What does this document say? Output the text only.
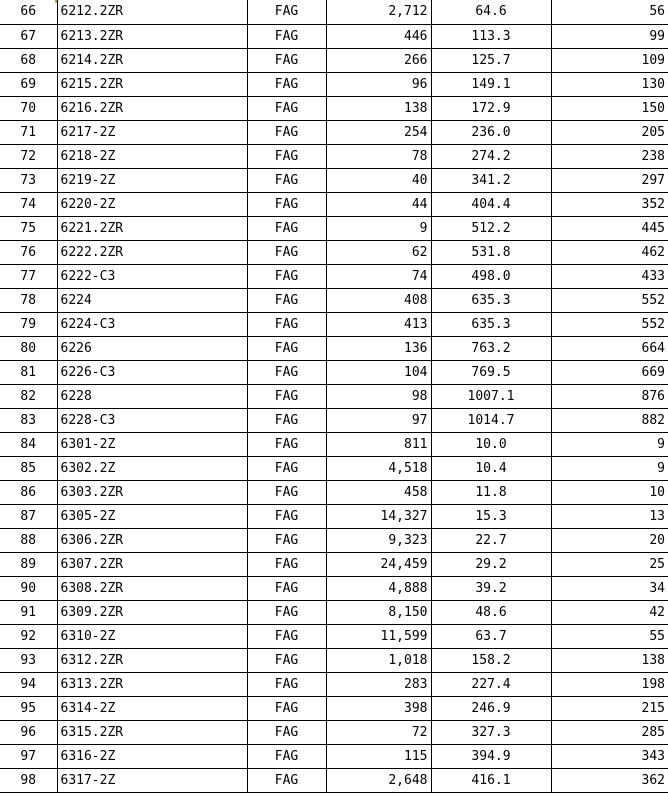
66	6212.2ZR	FAG	2,712	64.6	56
67	6213.2ZR	FAG	446	113.3	99
68	6214.2ZR	FAG	266	125.7	109
69	6215.2ZR	FAG	96	149.1	130
70	6216.2ZR	FAG	138	172.9	150
71	6217-2Z	FAG	254	236.0	205
72	6218-2Z	FAG	78	274.2	238
73	6219-2Z	FAG	40	341.2	297
74	6220-2Z	FAG	44	404.4	352
75	6221.2ZR	FAG	9	512.2	445
76	6222.2ZR	FAG	62	531.8	462
77	6222-C3	FAG	74	498.0	433
78	6224	FAG	408	635.3	552
79	6224-C3	FAG	413	635.3	552
80	6226	FAG	136	763.2	664
81	6226-C3	FAG	104	769.5	669
82	6228	FAG	98	1007.1	876
83	6228-C3	FAG	97	1014.7	882
84	6301-2Z	FAG	811	10.0	9
85	6302.2Z	FAG	4,518	10.4	9
86	6303.2ZR	FAG	458	11.8	10
87	6305-2Z	FAG	14,327	15.3	13
88	6306.2ZR	FAG	9,323	22.7	20
89	6307.2ZR	FAG	24,459	29.2	25
90	6308.2ZR	FAG	4,888	39.2	34
91	6309.2ZR	FAG	8,150	48.6	42
92	6310-2Z	FAG	11,599	63.7	55
93	6312.2ZR	FAG	1,018	158.2	138
94	6313.2ZR	FAG	283	227.4	198
95	6314-2Z	FAG	398	246.9	215
96	6315.2ZR	FAG	72	327.3	285
97	6316-2Z	FAG	115	394.9	343
98	6317-2Z	FAG	2,648	416.1	362
